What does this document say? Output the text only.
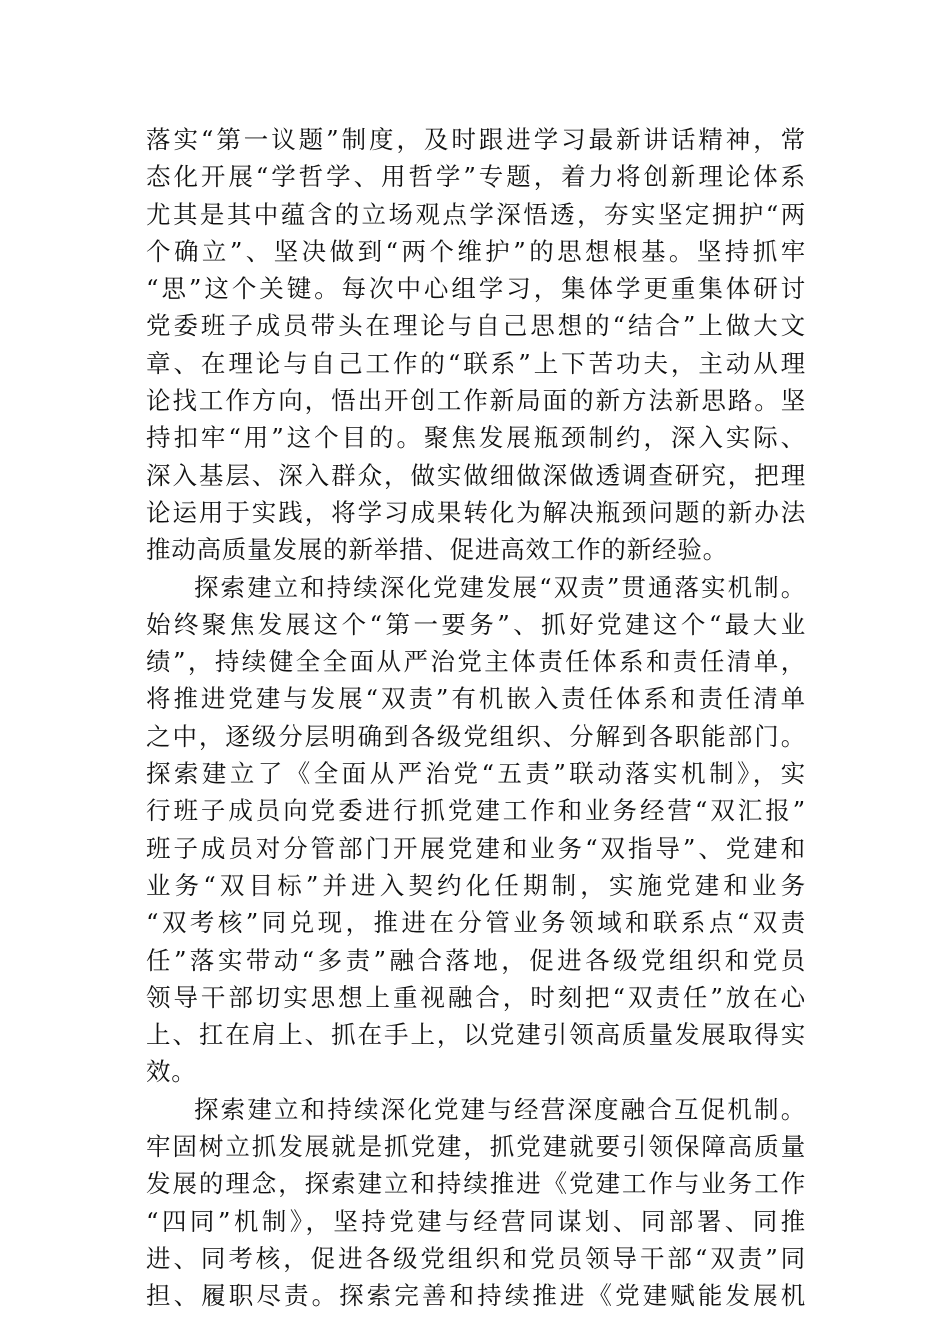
落实“第一议题”制度，及时跟进学习最新讲话精神，常
态化开展“学哲学、用哲学”专题，着力将创新理论体系
尤其是其中蕴含的立场观点学深悟透，夯实坚定拥护“两
个确立”、坚决做到“两个维护”的思想根基。坚持抓牢
“思”这个关键。每次中心组学习，集体学更重集体研讨
党委班子成员带头在理论与自己思想的“结合”上做大文
章、在理论与自己工作的“联系”上下苦功夫，主动从理
论找工作方向，悟出开创工作新局面的新方法新思路。坚
持扣牢“用”这个目的。聚焦发展瓶颈制约，深入实际、
深入基层、深入群众，做实做细做深做透调查研究，把理
论运用于实践，将学习成果转化为解决瓶颈问题的新办法
推动高质量发展的新举措、促进高效工作的新经验。
探索建立和持续深化党建发展“双责”贯通落实机制。
始终聚焦发展这个“第一要务”、抓好党建这个“最大业
绩”，持续健全全面从严治党主体责任体系和责任清单，
将推进党建与发展“双责”有机嵌入责任体系和责任清单
之中，逐级分层明确到各级党组织、分解到各职能部门。
探索建立了《全面从严治党“五责”联动落实机制》，实
行班子成员向党委进行抓党建工作和业务经营“双汇报”
班子成员对分管部门开展党建和业务“双指导”、党建和
业务“双目标”并进入契约化任期制，实施党建和业务
“双考核”同兑现，推进在分管业务领域和联系点“双责
任”落实带动“多责”融合落地，促进各级党组织和党员
领导干部切实思想上重视融合，时刻把“双责任”放在心
上、扛在肩上、抓在手上，以党建引领高质量发展取得实
效。
探索建立和持续深化党建与经营深度融合互促机制。
牢固树立抓发展就是抓党建，抓党建就要引领保障高质量
发展的理念，探索建立和持续推进《党建工作与业务工作
“四同”机制》，坚持党建与经营同谋划、同部署、同推
进、同考核，促进各级党组织和党员领导干部“双责”同
担、履职尽责。探索完善和持续推进《党建赋能发展机
